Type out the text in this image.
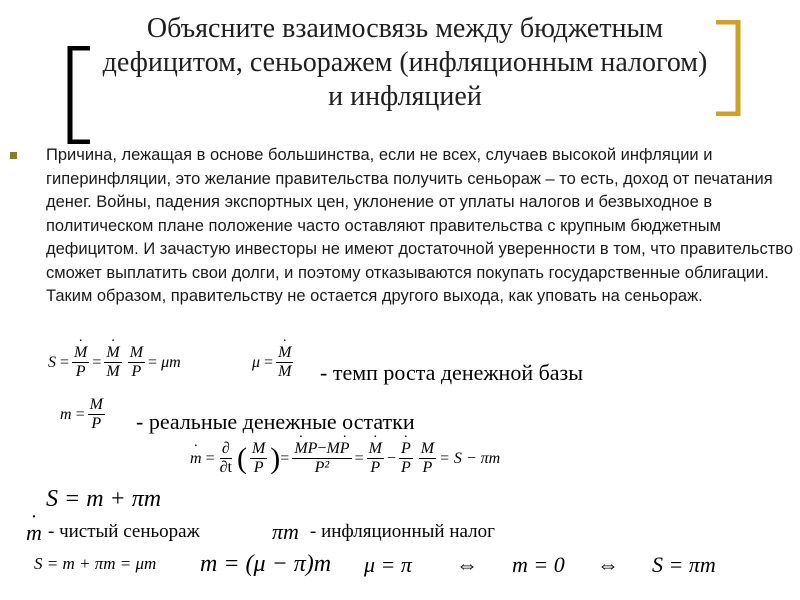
Объясните взаимосвязь между бюджетным дефицитом, сеньоражем (инфляционным налогом) и инфляцией
Причина, лежащая в основе большинства, если не всех, случаев высокой инфляции и гиперинфляции, это желание правительства получить сеньораж – то есть, доход от печатания денег. Войны, падения экспортных цен, уклонение от уплаты налогов и безвыходное в политическом плане положение часто оставляют правительства с крупным бюджетным дефицитом. И зачастую инвесторы не имеют достаточной уверенности в том, что правительство сможет выплатить свои долги, и поэтому отказываются покупать государственные облигации. Таким образом, правительству не остается другого выхода, как уповать на сеньораж.
S
= ˙ $\frac{M}{P}$ = ˙ $\frac{M}{M} \frac{M}{P}$ =
μm	μ
= ˙ $\frac{M}{M}$ - темп роста денежной базы
m
= $\frac{M}{P}$ - реальные денежные остатки
˙ m
= $\frac{\partial}{\partial t}$ ( $\frac{M}{P}$ ) = ˙ $\frac{MP-M˙ P}{\text{P²}}$ = ˙ $\frac{M}{P}$ − ˙ $\frac{P}{P} \frac{M}{P} = S - \pi m$
S = m + πm
˙ m - чистый сеньораж	πm - инфляционный налог
S = m + πm = μm m = (μ − π)m μ = π ⇔ m = 0 ⇔ S = πm
